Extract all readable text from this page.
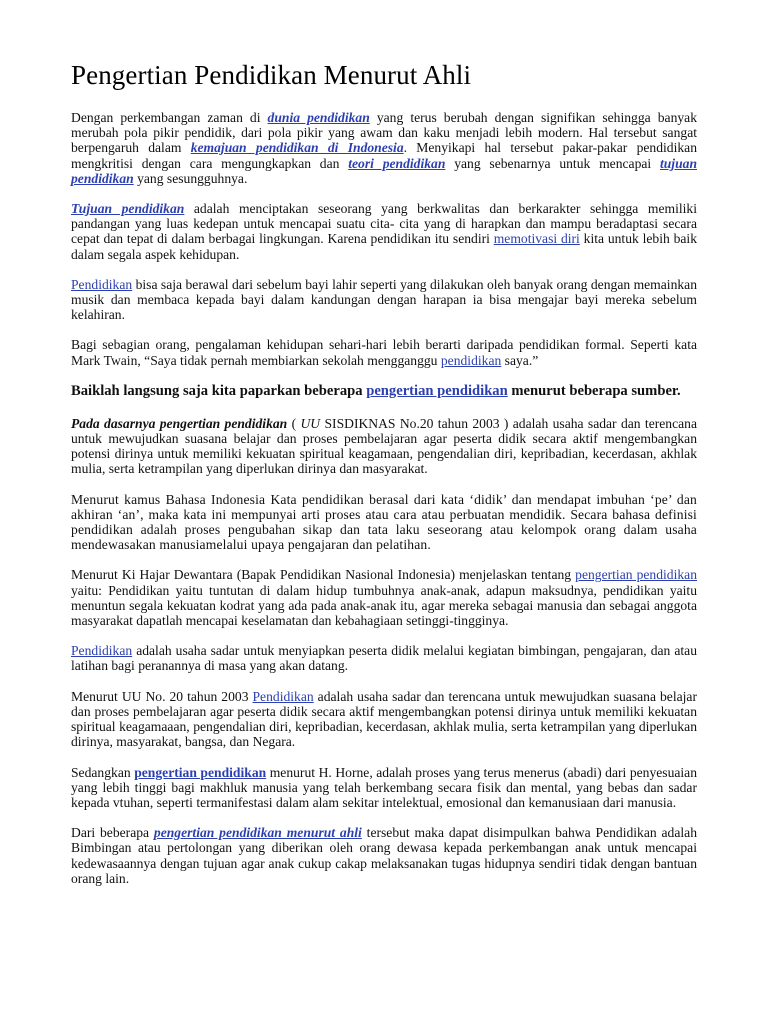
Pengertian Pendidikan Menurut Ahli

Dengan perkembangan zaman di dunia pendidikan yang terus berubah dengan signifikan sehingga banyak merubah pola pikir pendidik, dari pola pikir yang awam dan kaku menjadi lebih modern. Hal tersebut sangat berpengaruh dalam kemajuan pendidikan di Indonesia. Menyikapi hal tersebut pakar-pakar pendidikan mengkritisi dengan cara mengungkapkan dan teori pendidikan yang sebenarnya untuk mencapai tujuan pendidikan yang sesungguhnya.

Tujuan pendidikan adalah menciptakan seseorang yang berkwalitas dan berkarakter sehingga memiliki pandangan yang luas kedepan untuk mencapai suatu cita- cita yang di harapkan dan mampu beradaptasi secara cepat dan tepat di dalam berbagai lingkungan. Karena pendidikan itu sendiri memotivasi diri kita untuk lebih baik dalam segala aspek kehidupan.

Pendidikan bisa saja berawal dari sebelum bayi lahir seperti yang dilakukan oleh banyak orang dengan memainkan musik dan membaca kepada bayi dalam kandungan dengan harapan ia bisa mengajar bayi mereka sebelum kelahiran.

Bagi sebagian orang, pengalaman kehidupan sehari-hari lebih berarti daripada pendidikan formal. Seperti kata Mark Twain, “Saya tidak pernah membiarkan sekolah mengganggu pendidikan saya.”

Baiklah langsung saja kita paparkan beberapa pengertian pendidikan menurut beberapa sumber.

Pada dasarnya pengertian pendidikan ( UU SISDIKNAS No.20 tahun 2003 ) adalah usaha sadar dan terencana untuk mewujudkan suasana belajar dan proses pembelajaran agar peserta didik secara aktif mengembangkan potensi dirinya untuk memiliki kekuatan spiritual keagamaan, pengendalian diri, kepribadian, kecerdasan, akhlak mulia, serta ketrampilan yang diperlukan dirinya dan masyarakat.

Menurut kamus Bahasa Indonesia Kata pendidikan berasal dari kata ‘didik’ dan mendapat imbuhan ‘pe’ dan akhiran ‘an’, maka kata ini mempunyai arti proses atau cara atau perbuatan mendidik. Secara bahasa definisi pendidikan adalah proses pengubahan sikap dan tata laku seseorang atau kelompok orang dalam usaha mendewasakan manusiamelalui upaya pengajaran dan pelatihan.

Menurut Ki Hajar Dewantara (Bapak Pendidikan Nasional Indonesia) menjelaskan tentang pengertian pendidikan yaitu: Pendidikan yaitu tuntutan di dalam hidup tumbuhnya anak-anak, adapun maksudnya, pendidikan yaitu menuntun segala kekuatan kodrat yang ada pada anak-anak itu, agar mereka sebagai manusia dan sebagai anggota masyarakat dapatlah mencapai keselamatan dan kebahagiaan setinggi-tingginya.

Pendidikan adalah usaha sadar untuk menyiapkan peserta didik melalui kegiatan bimbingan, pengajaran, dan atau latihan bagi peranannya di masa yang akan datang.

Menurut UU No. 20 tahun 2003 Pendidikan adalah usaha sadar dan terencana untuk mewujudkan suasana belajar dan proses pembelajaran agar peserta didik secara aktif mengembangkan potensi dirinya untuk memiliki kekuatan spiritual keagamaaan, pengendalian diri, kepribadian, kecerdasan, akhlak mulia, serta ketrampilan yang diperlukan dirinya, masyarakat, bangsa, dan Negara.

Sedangkan pengertian pendidikan menurut H. Horne, adalah proses yang terus menerus (abadi) dari penyesuaian yang lebih tinggi bagi makhluk manusia yang telah berkembang secara fisik dan mental, yang bebas dan sadar kepada vtuhan, seperti termanifestasi dalam alam sekitar intelektual, emosional dan kemanusiaan dari manusia.

Dari beberapa pengertian pendidikan menurut ahli tersebut maka dapat disimpulkan bahwa Pendidikan adalah Bimbingan atau pertolongan yang diberikan oleh orang dewasa kepada perkembangan anak untuk mencapai kedewasaannya dengan tujuan agar anak cukup cakap melaksanakan tugas hidupnya sendiri tidak dengan bantuan orang lain.
